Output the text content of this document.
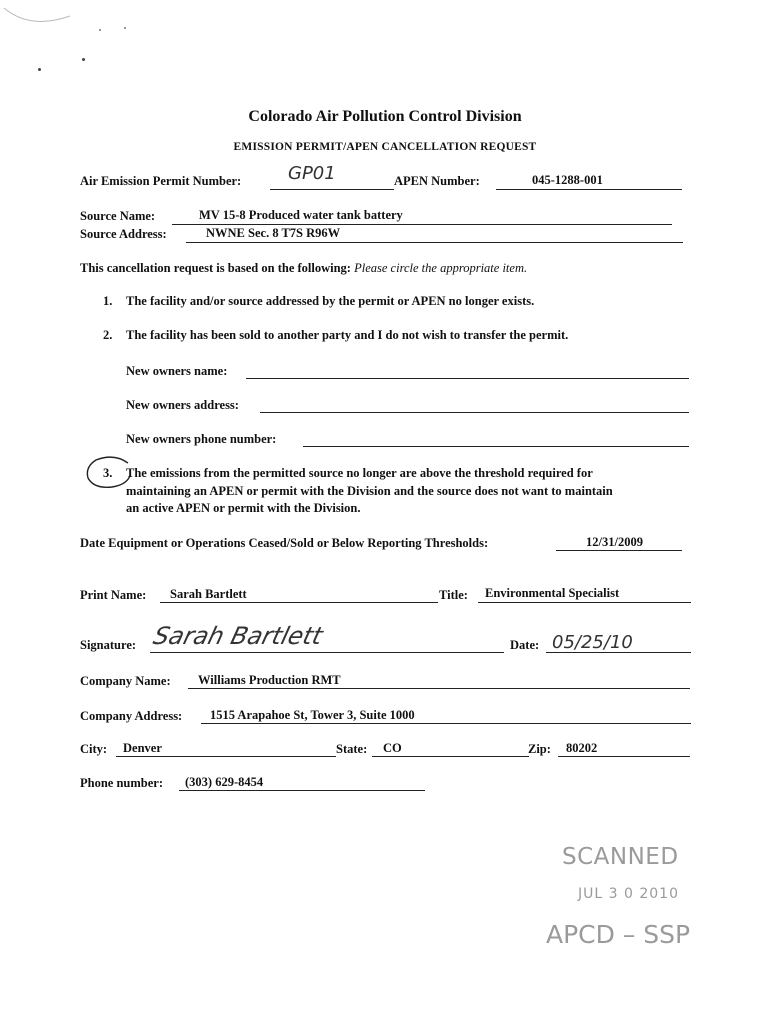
Colorado Air Pollution Control Division
EMISSION PERMIT/APEN CANCELLATION REQUEST
Air Emission Permit Number:	GP01	APEN Number:	045-1288-001
Source Name:	MV 15-8 Produced water tank battery
Source Address:	NWNE Sec. 8 T7S R96W
This cancellation request is based on the following: Please circle the appropriate item.
1. The facility and/or source addressed by the permit or APEN no longer exists.
2. The facility has been sold to another party and I do not wish to transfer the permit.
New owners name:
New owners address:
New owners phone number:
3. The emissions from the permitted source no longer are above the threshold required for
maintaining an APEN or permit with the Division and the source does not want to maintain
an active APEN or permit with the Division.
Date Equipment or Operations Ceased/Sold or Below Reporting Thresholds:	12/31/2009
Print Name: Sarah Bartlett	Title: Environmental Specialist
Signature: Sarah Bartlett	Date: 05/25/10
Company Name: Williams Production RMT
Company Address: 1515 Arapahoe St, Tower 3, Suite 1000
City: Denver	State: CO	Zip: 80202
Phone number: (303) 629-8454
SCANNED
JUL 3 0 2010
APCD – SSP
